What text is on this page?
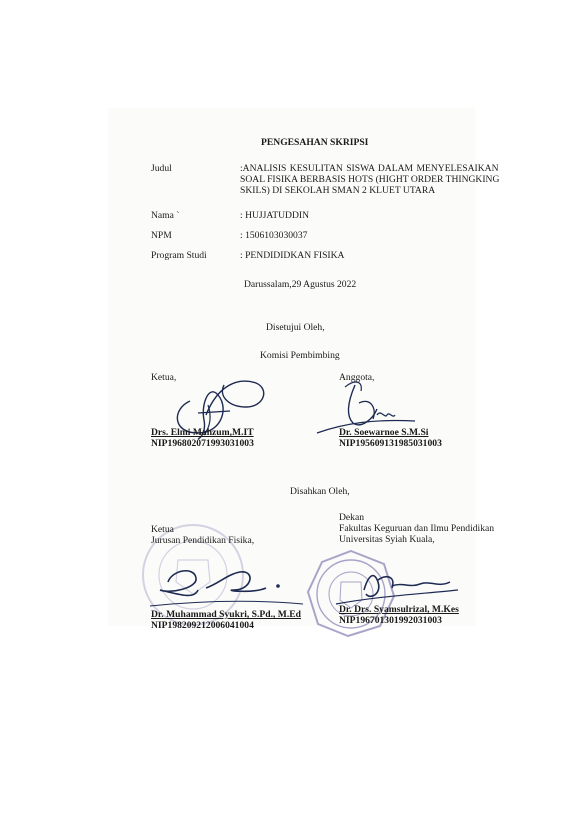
PENGESAHAN SKRIPSI
Judul	:ANALISIS KESULITAN SISWA DALAM MENYELESAIKAN
SOAL FISIKA BERBASIS HOTS (HIGHT ORDER THINGKING
SKILS) DI SEKOLAH SMAN 2 KLUET UTARA
Nama `	: HUJJATUDDIN
NPM	: 1506103030037
Program Studi	: PENDIDIDKAN FISIKA
Darussalam,29 Agustus 2022
Disetujui Oleh,
Komisi Pembimbing
Ketua,
Drs. Elmi Mahzum,M.IT
NIP196802071993031003
Anggota,
Dr. Soewarnoe S.M.Si
NIP195609131985031003
Disahkan Oleh,
Ketua
Jurusan Pendidikan Fisika,
Dr. Muhammad Syukri, S.Pd., M.Ed
NIP198209212006041004
Dekan
Fakultas Keguruan dan Ilmu Pendidikan
Universitas Syiah Kuala,
Dr. Drs. Syamsulrizal, M.Kes
NIP196701301992031003
